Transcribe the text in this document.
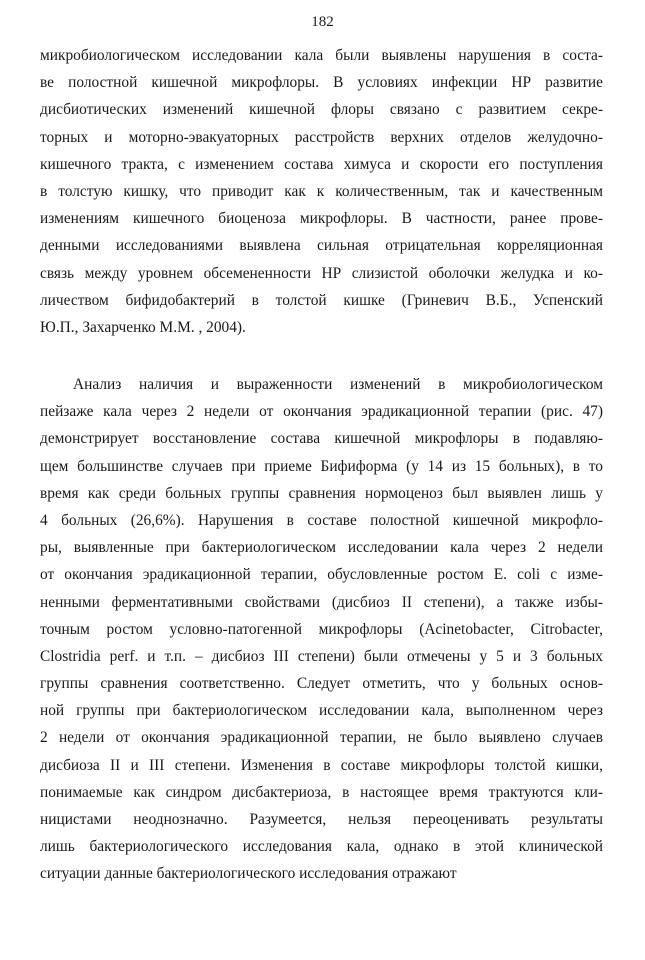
182
микробиологическом исследовании кала были выявлены нарушения в соста-
ве полостной кишечной микрофлоры. В условиях инфекции НР развитие
дисбиотических изменений кишечной флоры связано с развитием секре-
торных и моторно-эвакуаторных расстройств верхних отделов желудочно-
кишечного тракта, с изменением состава химуса и скорости его поступления
в толстую кишку, что приводит как к количественным, так и качественным
изменениям кишечного биоценоза микрофлоры. В частности, ранее прове-
денными исследованиями выявлена сильная отрицательная корреляционная
связь между уровнем обсемененности НР слизистой оболочки желудка и ко-
личеством бифидобактерий в толстой кишке (Гриневич В.Б., Успенский
Ю.П., Захарченко М.М. , 2004).
Анализ наличия и выраженности изменений в микробиологическом
пейзаже кала через 2 недели от окончания эрадикационной терапии (рис. 47)
демонстрирует восстановление состава кишечной микрофлоры в подавляю-
щем большинстве случаев при приеме Бифиформа (у 14 из 15 больных), в то
время как среди больных группы сравнения нормоценоз был выявлен лишь у
4 больных (26,6%). Нарушения в составе полостной кишечной микрофло-
ры, выявленные при бактериологическом исследовании кала через 2 недели
от окончания эрадикационной терапии, обусловленные ростом E. coli с изме-
ненными ферментативными свойствами (дисбиоз II степени), а также избы-
точным ростом условно-патогенной микрофлоры (Acinetobacter, Citrobacter,
Clostridia perf. и т.п. – дисбиоз III степени) были отмечены у 5 и 3 больных
группы сравнения соответственно. Следует отметить, что у больных основ-
ной группы при бактериологическом исследовании кала, выполненном через
2 недели от окончания эрадикационной терапии, не было выявлено случаев
дисбиоза II и III степени. Изменения в составе микрофлоры толстой кишки,
понимаемые как синдром дисбактериоза, в настоящее время трактуются кли-
ницистами неоднозначно. Разумеется, нельзя переоценивать результаты
лишь бактериологического исследования кала, однако в этой клинической
ситуации данные бактериологического исследования отражают
